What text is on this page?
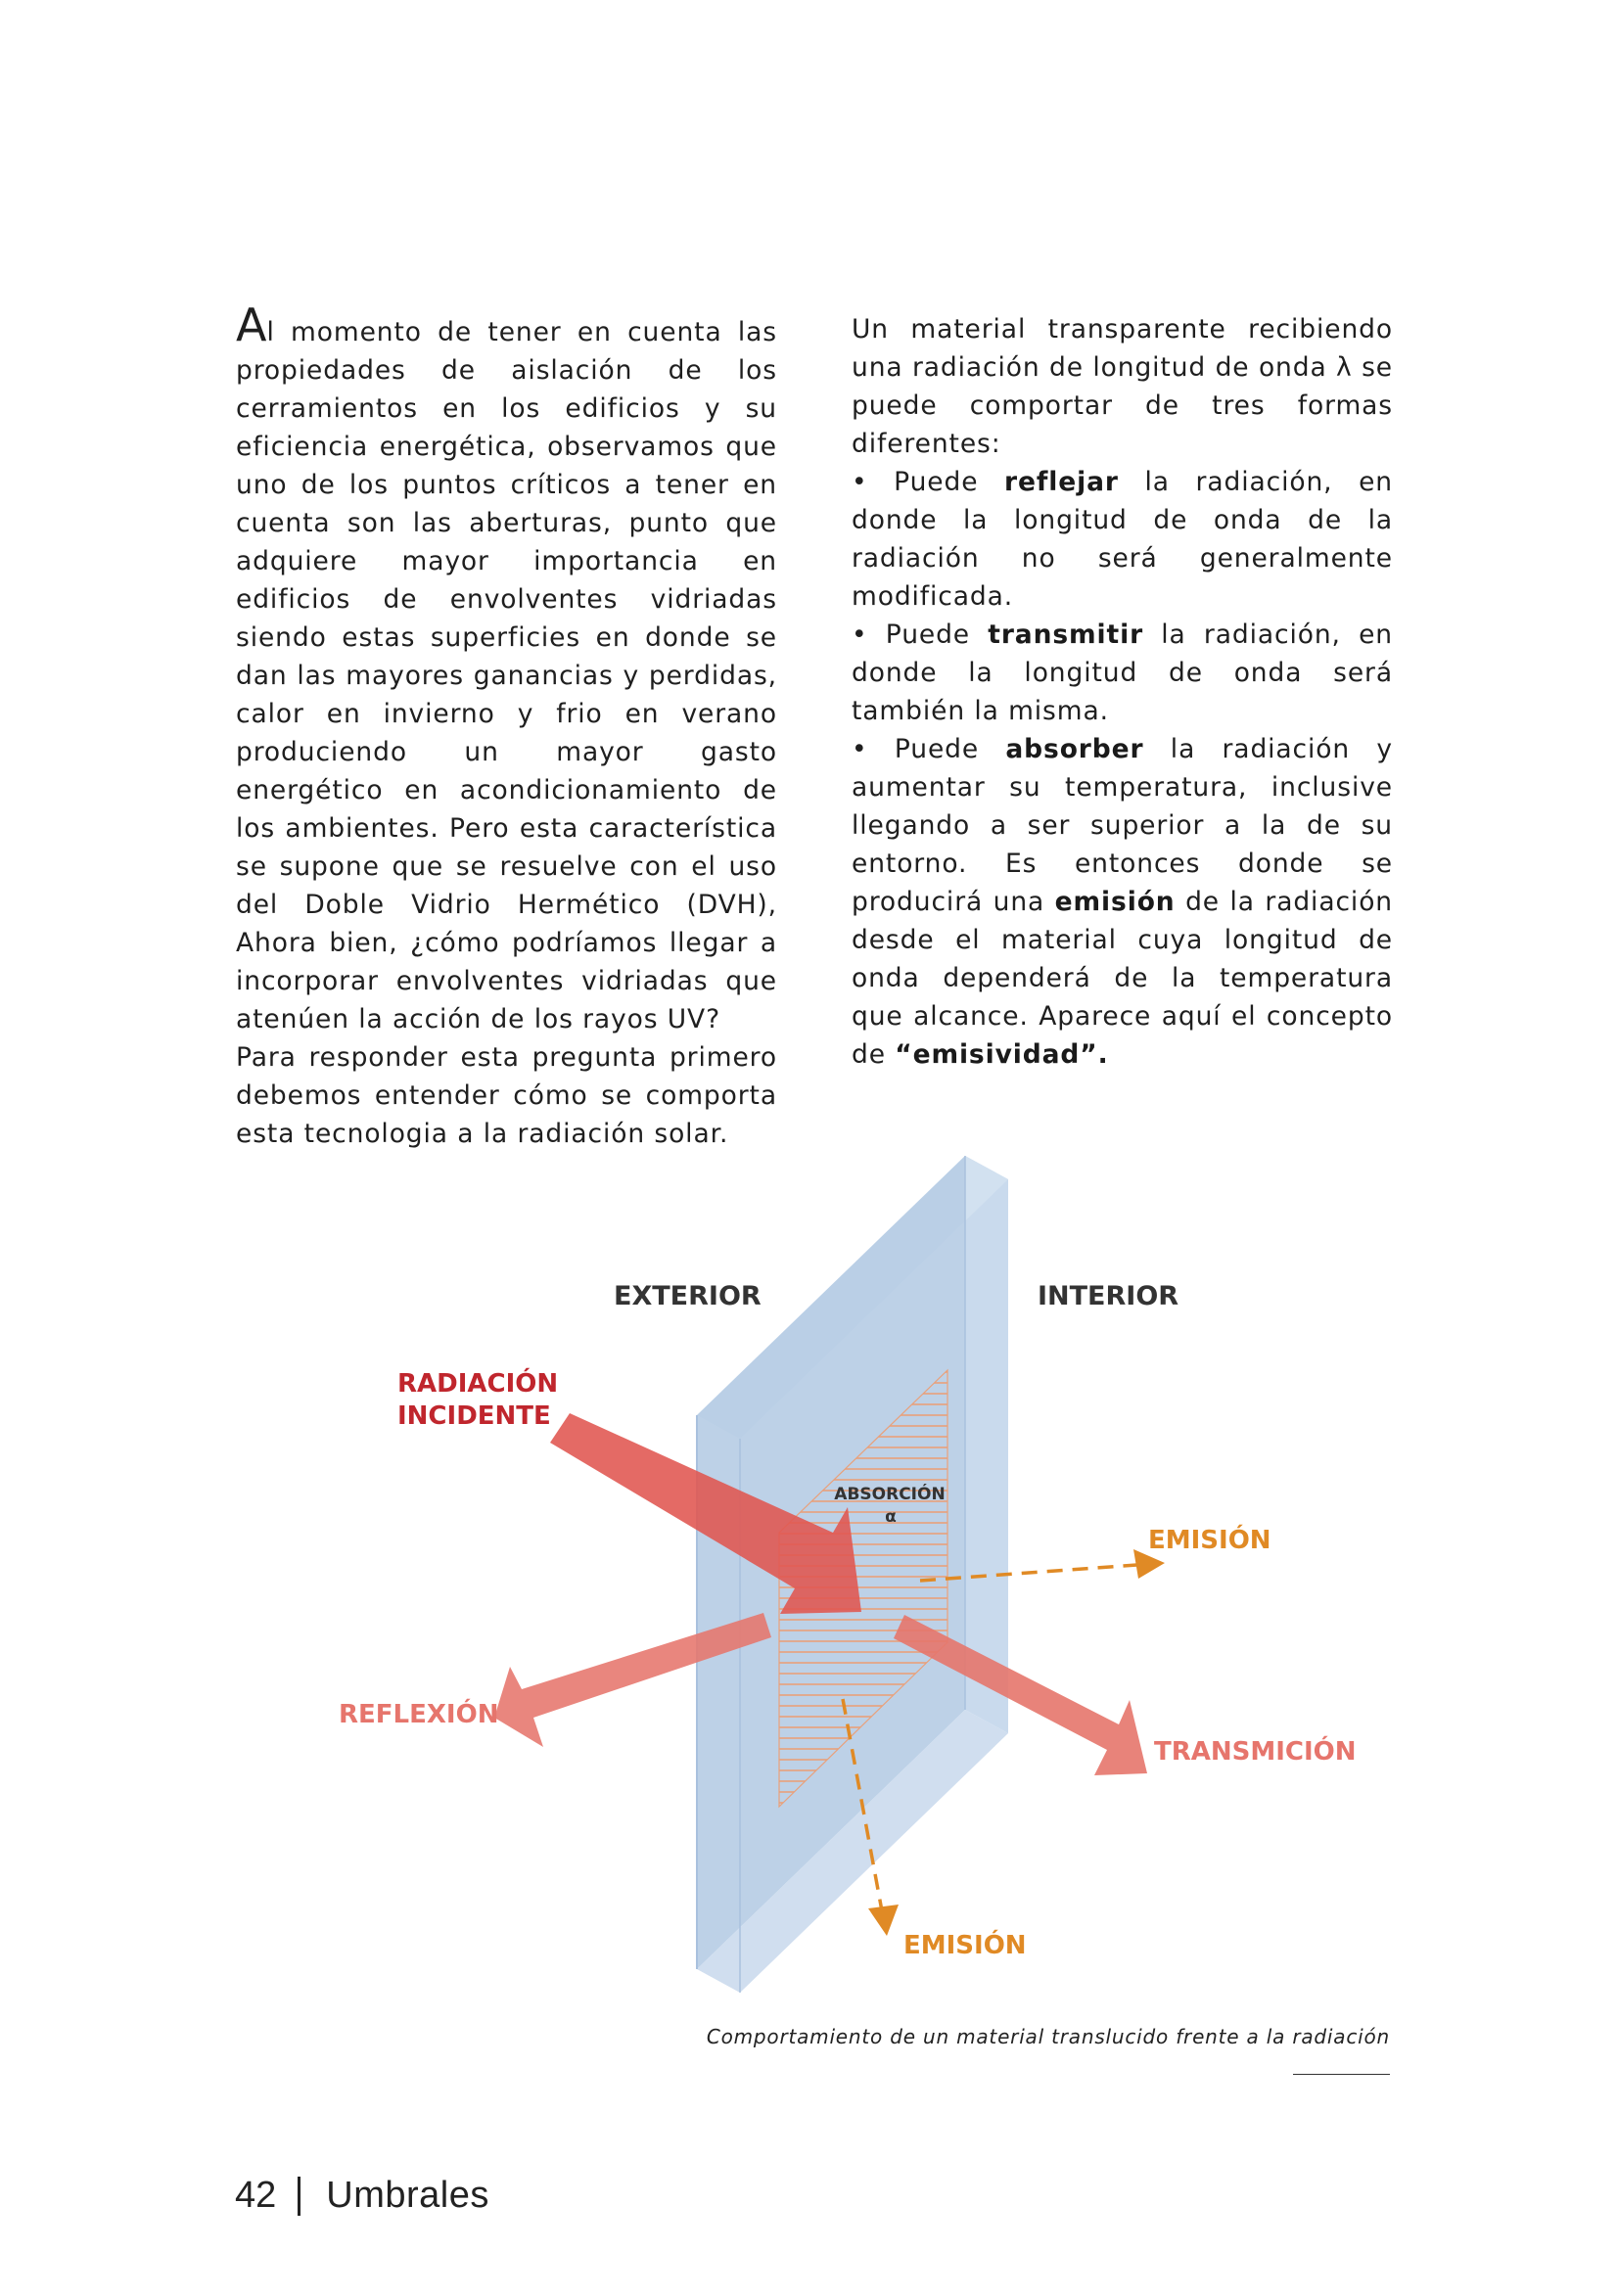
Al momento de tener en cuenta las propiedades de aislación de los cerramientos en los edificios y su eficiencia energética, observamos que uno de los puntos críticos a tener en cuenta son las aberturas, punto que adquiere mayor importancia en edificios de envolventes vidriadas siendo estas superficies en donde se dan las mayores ganancias y perdidas, calor en invierno y frio en verano produciendo un mayor gasto energético en acondicionamiento de los ambientes. Pero esta característica se supone que se resuelve con el uso del Doble Vidrio Hermético (DVH), Ahora bien, ¿cómo podríamos llegar a incorporar envolventes vidriadas que atenúen la acción de los rayos UV?

Para responder esta pregunta primero debemos entender cómo se comporta esta tecnologia a la radiación solar.

Un material transparente recibiendo una radiación de longitud de onda λ se puede comportar de tres formas diferentes:

• Puede reflejar la radiación, en donde la longitud de onda de la radiación no será generalmente modificada.

• Puede transmitir la radiación, en donde la longitud de onda será también la misma.

• Puede absorber la radiación y aumentar su temperatura, inclusive llegando a ser superior a la de su entorno. Es entonces donde se producirá una emisión de la radiación desde el material cuya longitud de onda dependerá de la temperatura que alcance. Aparece aquí el concepto de “emisividad”.

EXTERIOR	INTERIOR
RADIACIÓN
INCIDENTE
ABSORCIÓN
α
EMISIÓN
REFLEXIÓN
TRANSMICIÓN
EMISIÓN
Comportamiento de un material translucido frente a la radiación
42 Umbrales
